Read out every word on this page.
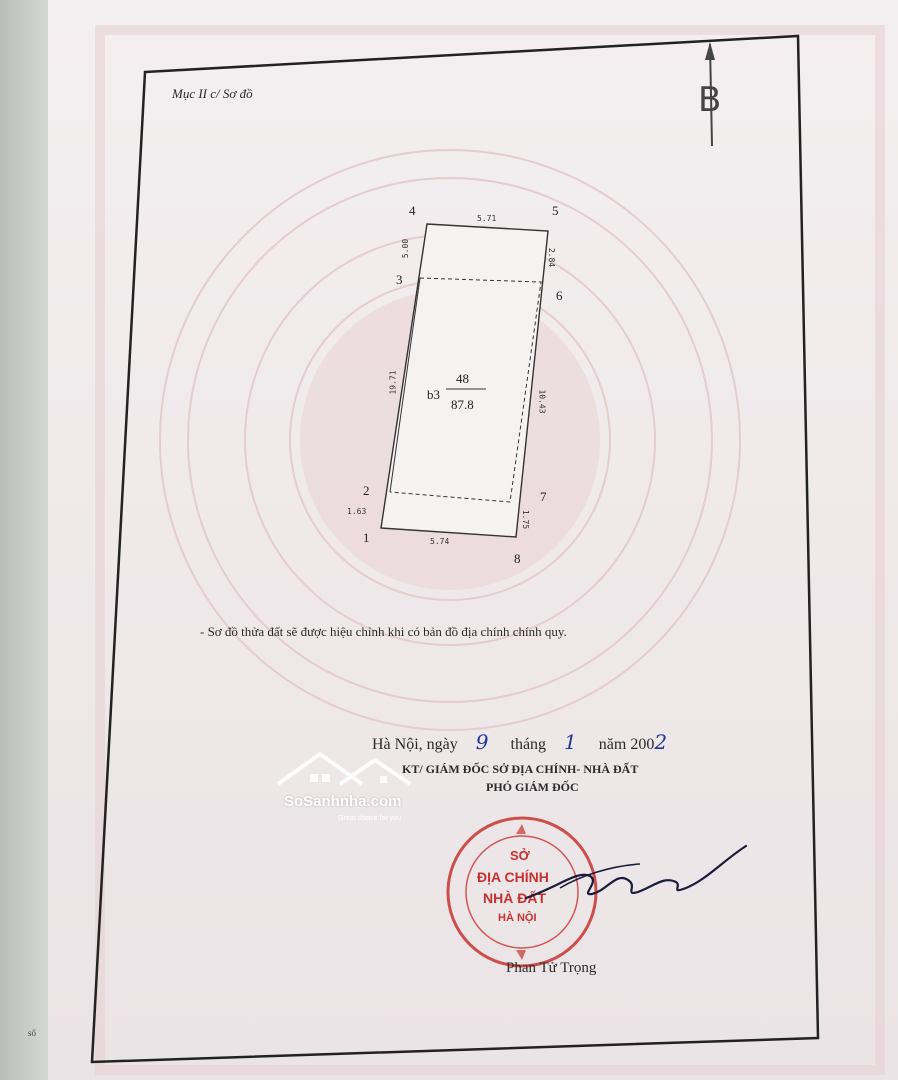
Mục II c/ Sơ đồ	B
4	5
3
6
2	7
1
8
5.71
5.74
5.00
19.71
1.63
2.84
10.43
1.75
b3
48
87.8
- Sơ đồ thửa đất sẽ được hiệu chỉnh khi có bản đồ địa chính chính quy.
Hà Nội, ngày 9 tháng 1 năm 2002
KT/ GIÁM ĐỐC SỞ ĐỊA CHÍNH- NHÀ ĐẤT
PHÓ GIÁM ĐỐC
SoSanhnha.com
Great choice for you
SỞ
ĐỊA CHÍNH
NHÀ ĐẤT
HÀ NỘI
Phan Tử Trọng
ső
